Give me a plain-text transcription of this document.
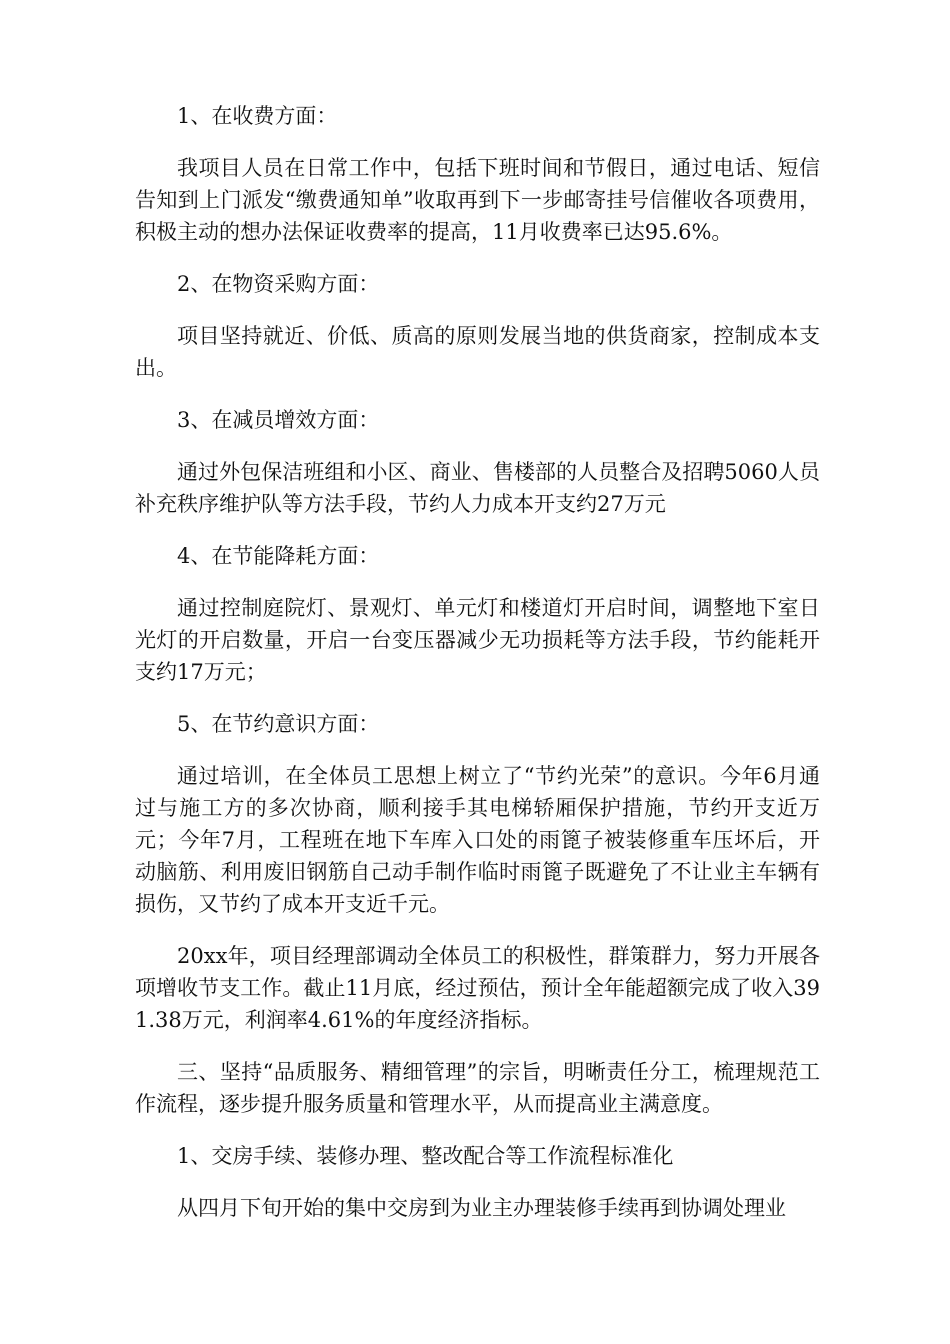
1、在收费方面：

我项目人员在日常工作中，包括下班时间和节假日，通过电话、短信告知到上门派发“缴费通知单”收取再到下一步邮寄挂号信催收各项费用，积极主动的想办法保证收费率的提高，11月收费率已达95.6%。

2、在物资采购方面：

项目坚持就近、价低、质高的原则发展当地的供货商家，控制成本支出。

3、在减员增效方面：

通过外包保洁班组和小区、商业、售楼部的人员整合及招聘5060人员补充秩序维护队等方法手段，节约人力成本开支约27万元

4、在节能降耗方面：

通过控制庭院灯、景观灯、单元灯和楼道灯开启时间，调整地下室日光灯的开启数量，开启一台变压器减少无功损耗等方法手段，节约能耗开支约17万元；

5、在节约意识方面：

通过培训，在全体员工思想上树立了“节约光荣”的意识。今年6月通过与施工方的多次协商，顺利接手其电梯轿厢保护措施，节约开支近万元；今年7月，工程班在地下车库入口处的雨篦子被装修重车压坏后，开动脑筋、利用废旧钢筋自己动手制作临时雨篦子既避免了不让业主车辆有损伤，又节约了成本开支近千元。

20xx年，项目经理部调动全体员工的积极性，群策群力，努力开展各项增收节支工作。截止11月底，经过预估，预计全年能超额完成了收入391.38万元，利润率4.61%的年度经济指标。

三、坚持“品质服务、精细管理”的宗旨，明晰责任分工，梳理规范工作流程，逐步提升服务质量和管理水平，从而提高业主满意度。

1、交房手续、装修办理、整改配合等工作流程标准化

从四月下旬开始的集中交房到为业主办理装修手续再到协调处理业
